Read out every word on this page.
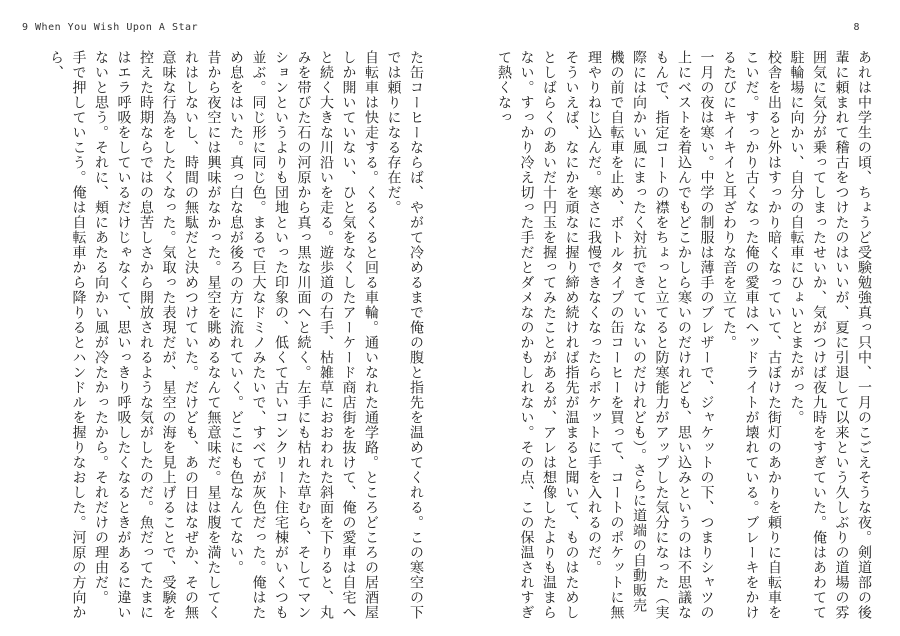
9 When You Wish Upon A Star	8

あれは中学生の頃、ちょうど受験勉強真っ只中、一月のこごえそうな夜。剣道部の後輩に頼まれて稽古をつけたのはいいが、夏に引退して以来という久しぶりの道場の雰囲気に気分が乗ってしまったせいか、気がつけば夜九時をすぎていた。俺はあわてて駐輪場に向かい、自分の自転車にひょいとまたがった。

校舎を出ると外はすっかり暗くなっていて、古ぼけた街灯のあかりを頼りに自転車をこいだ。すっかり古くなった俺の愛車はヘッドライトが壊れている。ブレーキをかけるたびにキイキイと耳ざわりな音を立てた。

一月の夜は寒い。中学の制服は薄手のブレザーで、ジャケットの下、つまりシャツの上にベストを着込んでもどこかしら寒いのだけれども、思い込みというのは不思議なもんで、指定コートの襟をちょっと立てると防寒能力がアップした気分になった（実際には向かい風にまったく対抗できていないのだけれども）。さらに道端の自動販売機の前で自転車を止め、ボトルタイプの缶コーヒーを買って、コートのポケットに無理やりねじ込んだ。寒さに我慢できなくなったらポケットに手を入れるのだ。

そういえば、なにかを頑なに握り締め続ければ指先が温まると聞いて、ものはためしとしばらくのあいだ十円玉を握ってみたことがあるが、アレは想像したよりも温まらない。すっかり冷え切った手だとダメなのかもしれない。その点、この保温されすぎて熱くなっ

た缶コーヒーならば、やがて冷めるまで俺の腹と指先を温めてくれる。この寒空の下では頼りになる存在だ。

自転車は快走する。くるくると回る車輪。通いなれた通学路。ところどころの居酒屋しか開いていない、ひと気をなくしたアーケード商店街を抜けて、俺の愛車は自宅へと続く大きな川沿いを走る。遊歩道の右手、枯雑草におおわれた斜面を下りると、丸みを帯びた石の河原から真っ黒な川面へと続く。左手にも枯れた草むら、そしてマンションというよりも団地といった印象の、低くて古いコンクリート住宅棟がいくつも並ぶ。同じ形に同じ色。まるで巨大なドミノみたいで、すべてが灰色だった。俺はため息をはいた。真っ白な息が後ろの方に流れていく。どこにも色なんてない。

昔から夜空には興味がなかった。星空を眺めるなんて無意味だ。星は腹を満たしてくれはしないし、時間の無駄だと決めつけていた。だけども、あの日はなぜか、その無意味な行為をしたくなった。気取った表現だが、星空の海を見上げることで、受験を控えた時期ならではの息苦しさから開放されるような気がしたのだ。魚だってたまにはエラ呼吸をしているだけじゃなくて、思いっきり呼吸したくなるときがあるに違いないと思う。それに、頬にあたる向かい風が冷たかったから。それだけの理由だ。

手で押していこう。俺は自転車から降りるとハンドルを握りなおした。河原の方向から、
